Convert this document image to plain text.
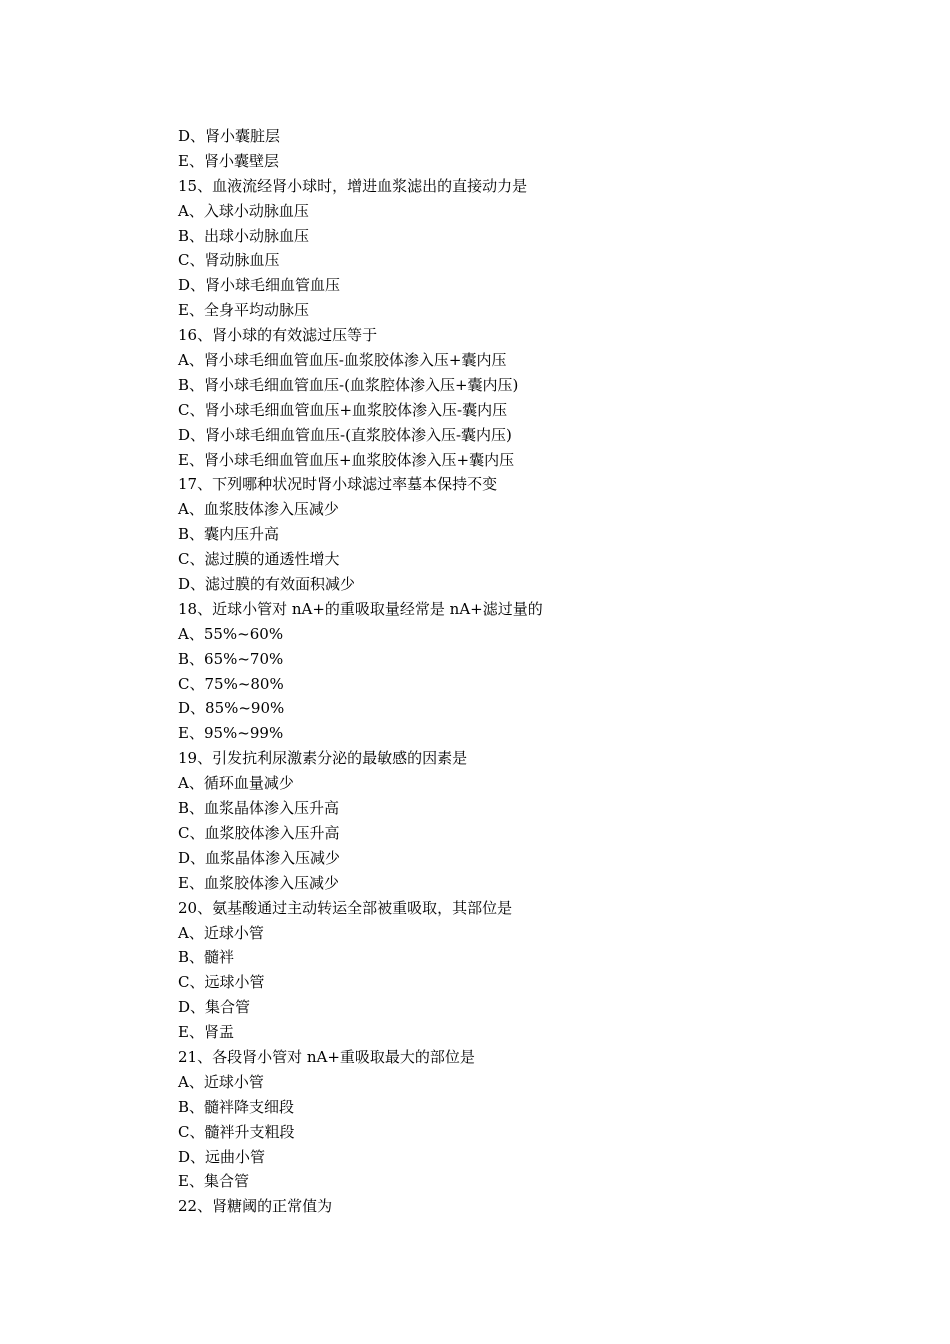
D、肾小囊脏层
E、肾小囊壁层
15、血液流经肾小球时，增进血浆滤出的直接动力是
A、入球小动脉血压
B、出球小动脉血压
C、肾动脉血压
D、肾小球毛细血管血压
E、全身平均动脉压
16、肾小球的有效滤过压等于
A、肾小球毛细血管血压-血浆胶体渗入压+囊内压
B、肾小球毛细血管血压-(血浆腔体渗入压+囊内压)
C、肾小球毛细血管血压+血浆胶体渗入压-囊内压
D、肾小球毛细血管血压-(直浆胶体渗入压-囊内压)
E、肾小球毛细血管血压+血浆胶体渗入压+囊内压
17、下列哪种状况时肾小球滤过率墓本保持不变
A、血浆肢体渗入压减少
B、囊内压升高
C、滤过膜的通透性增大
D、滤过膜的有效面积减少
18、近球小管对 nA+的重吸取量经常是 nA+滤过量的
A、55%~60%
B、65%~70%
C、75%~80%
D、85%~90%
E、95%~99%
19、引发抗利尿激素分泌的最敏感的因素是
A、循环血量减少
B、血浆晶体渗入压升高
C、血浆胶体渗入压升高
D、血浆晶体渗入压减少
E、血浆胶体渗入压减少
20、氨基酸通过主动转运全部被重吸取，其部位是
A、近球小管
B、髓袢
C、远球小管
D、集合管
E、肾盂
21、各段肾小管对 nA+重吸取最大的部位是
A、近球小管
B、髓袢降支细段
C、髓袢升支粗段
D、远曲小管
E、集合管
22、肾糖阈的正常值为
